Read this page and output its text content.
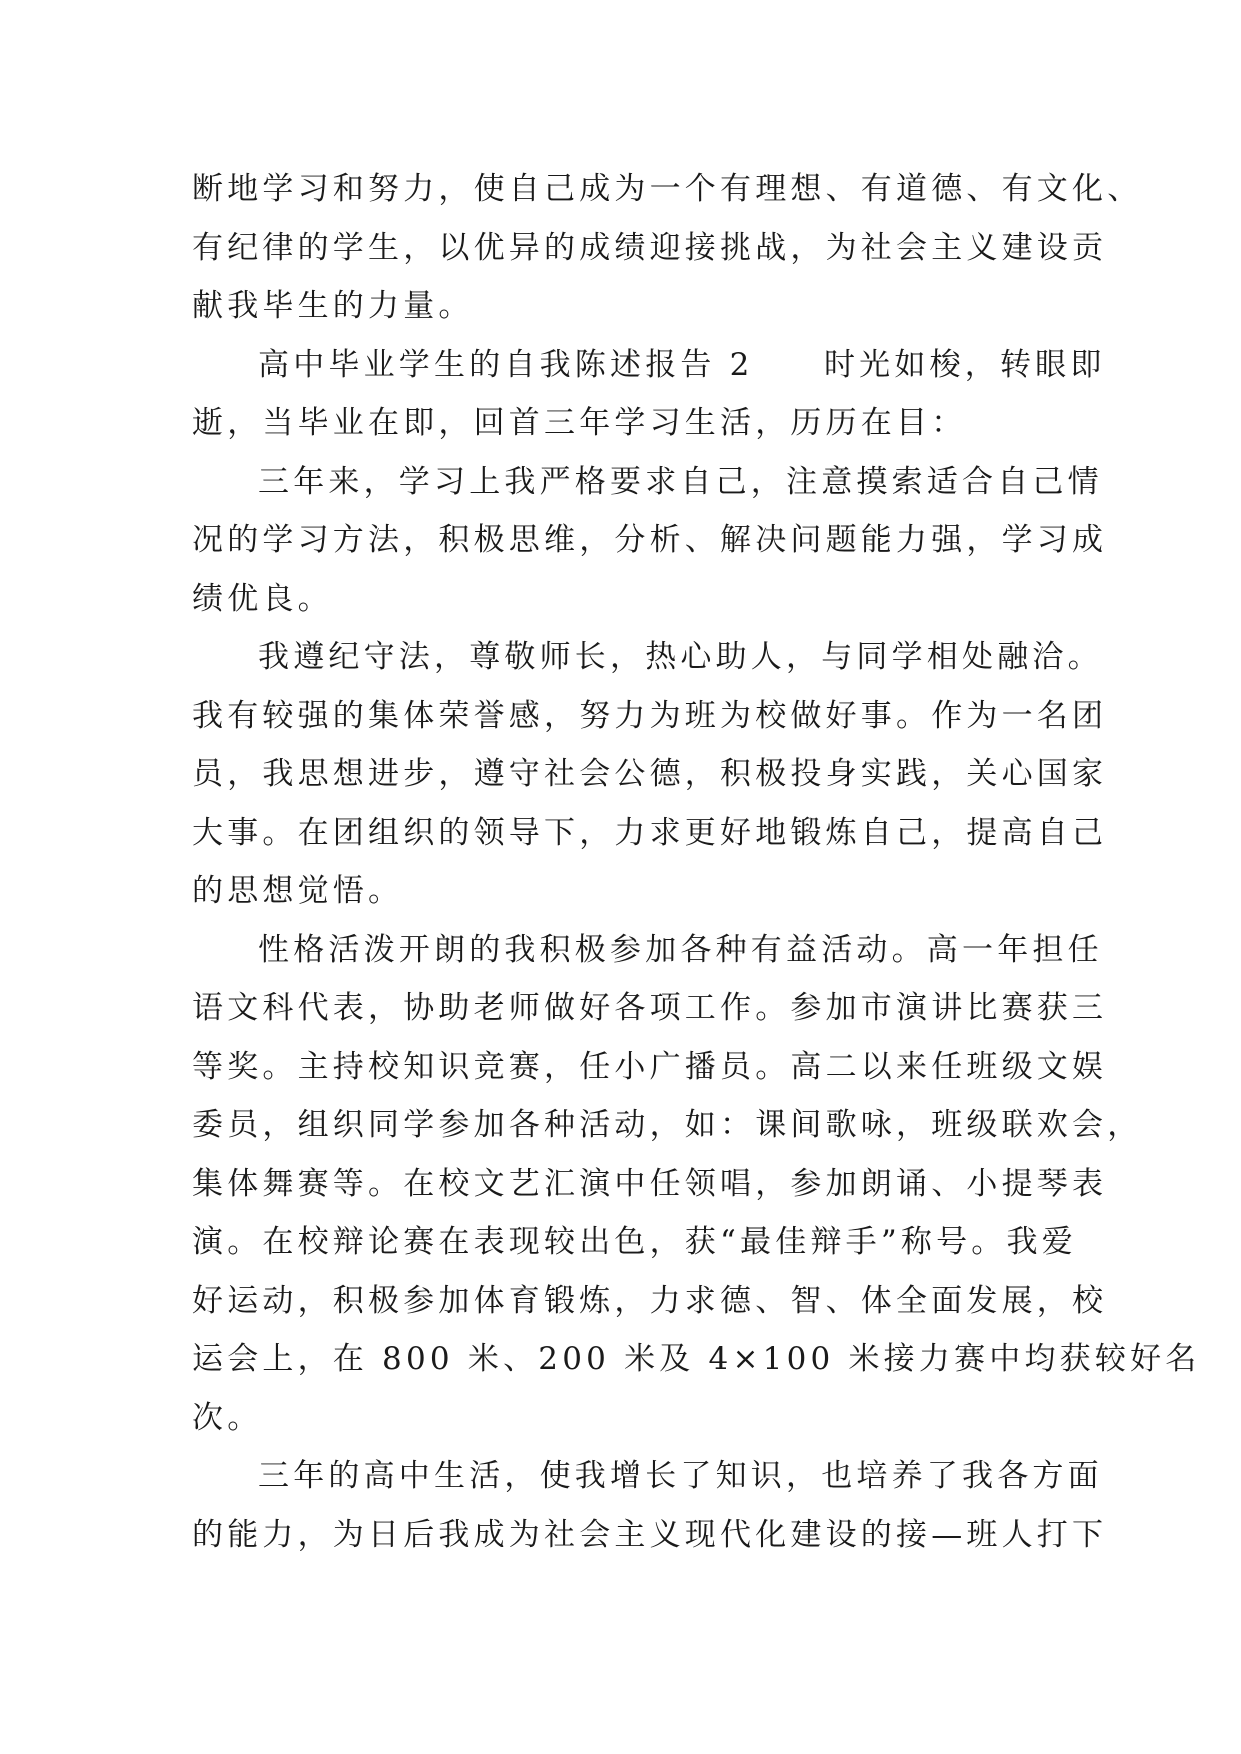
断地学习和努力，使自己成为一个有理想、有道德、有文化、
有纪律的学生，以优异的成绩迎接挑战，为社会主义建设贡
献我毕生的力量。
高中毕业学生的自我陈述报告 2　　时光如梭，转眼即
逝，当毕业在即，回首三年学习生活，历历在目：
三年来，学习上我严格要求自己，注意摸索适合自己情
况的学习方法，积极思维，分析、解决问题能力强，学习成
绩优良。
我遵纪守法，尊敬师长，热心助人，与同学相处融洽。
我有较强的集体荣誉感，努力为班为校做好事。作为一名团
员，我思想进步，遵守社会公德，积极投身实践，关心国家
大事。在团组织的领导下，力求更好地锻炼自己，提高自己
的思想觉悟。
性格活泼开朗的我积极参加各种有益活动。高一年担任
语文科代表，协助老师做好各项工作。参加市演讲比赛获三
等奖。主持校知识竞赛，任小广播员。高二以来任班级文娱
委员，组织同学参加各种活动，如：课间歌咏，班级联欢会，
集体舞赛等。在校文艺汇演中任领唱，参加朗诵、小提琴表
演。在校辩论赛在表现较出色，获“最佳辩手”称号。我爱
好运动，积极参加体育锻炼，力求德、智、体全面发展，校
运会上，在 800 米、200 米及 4×100 米接力赛中均获较好名
次。
三年的高中生活，使我增长了知识，也培养了我各方面
的能力，为日后我成为社会主义现代化建设的接—班人打下
